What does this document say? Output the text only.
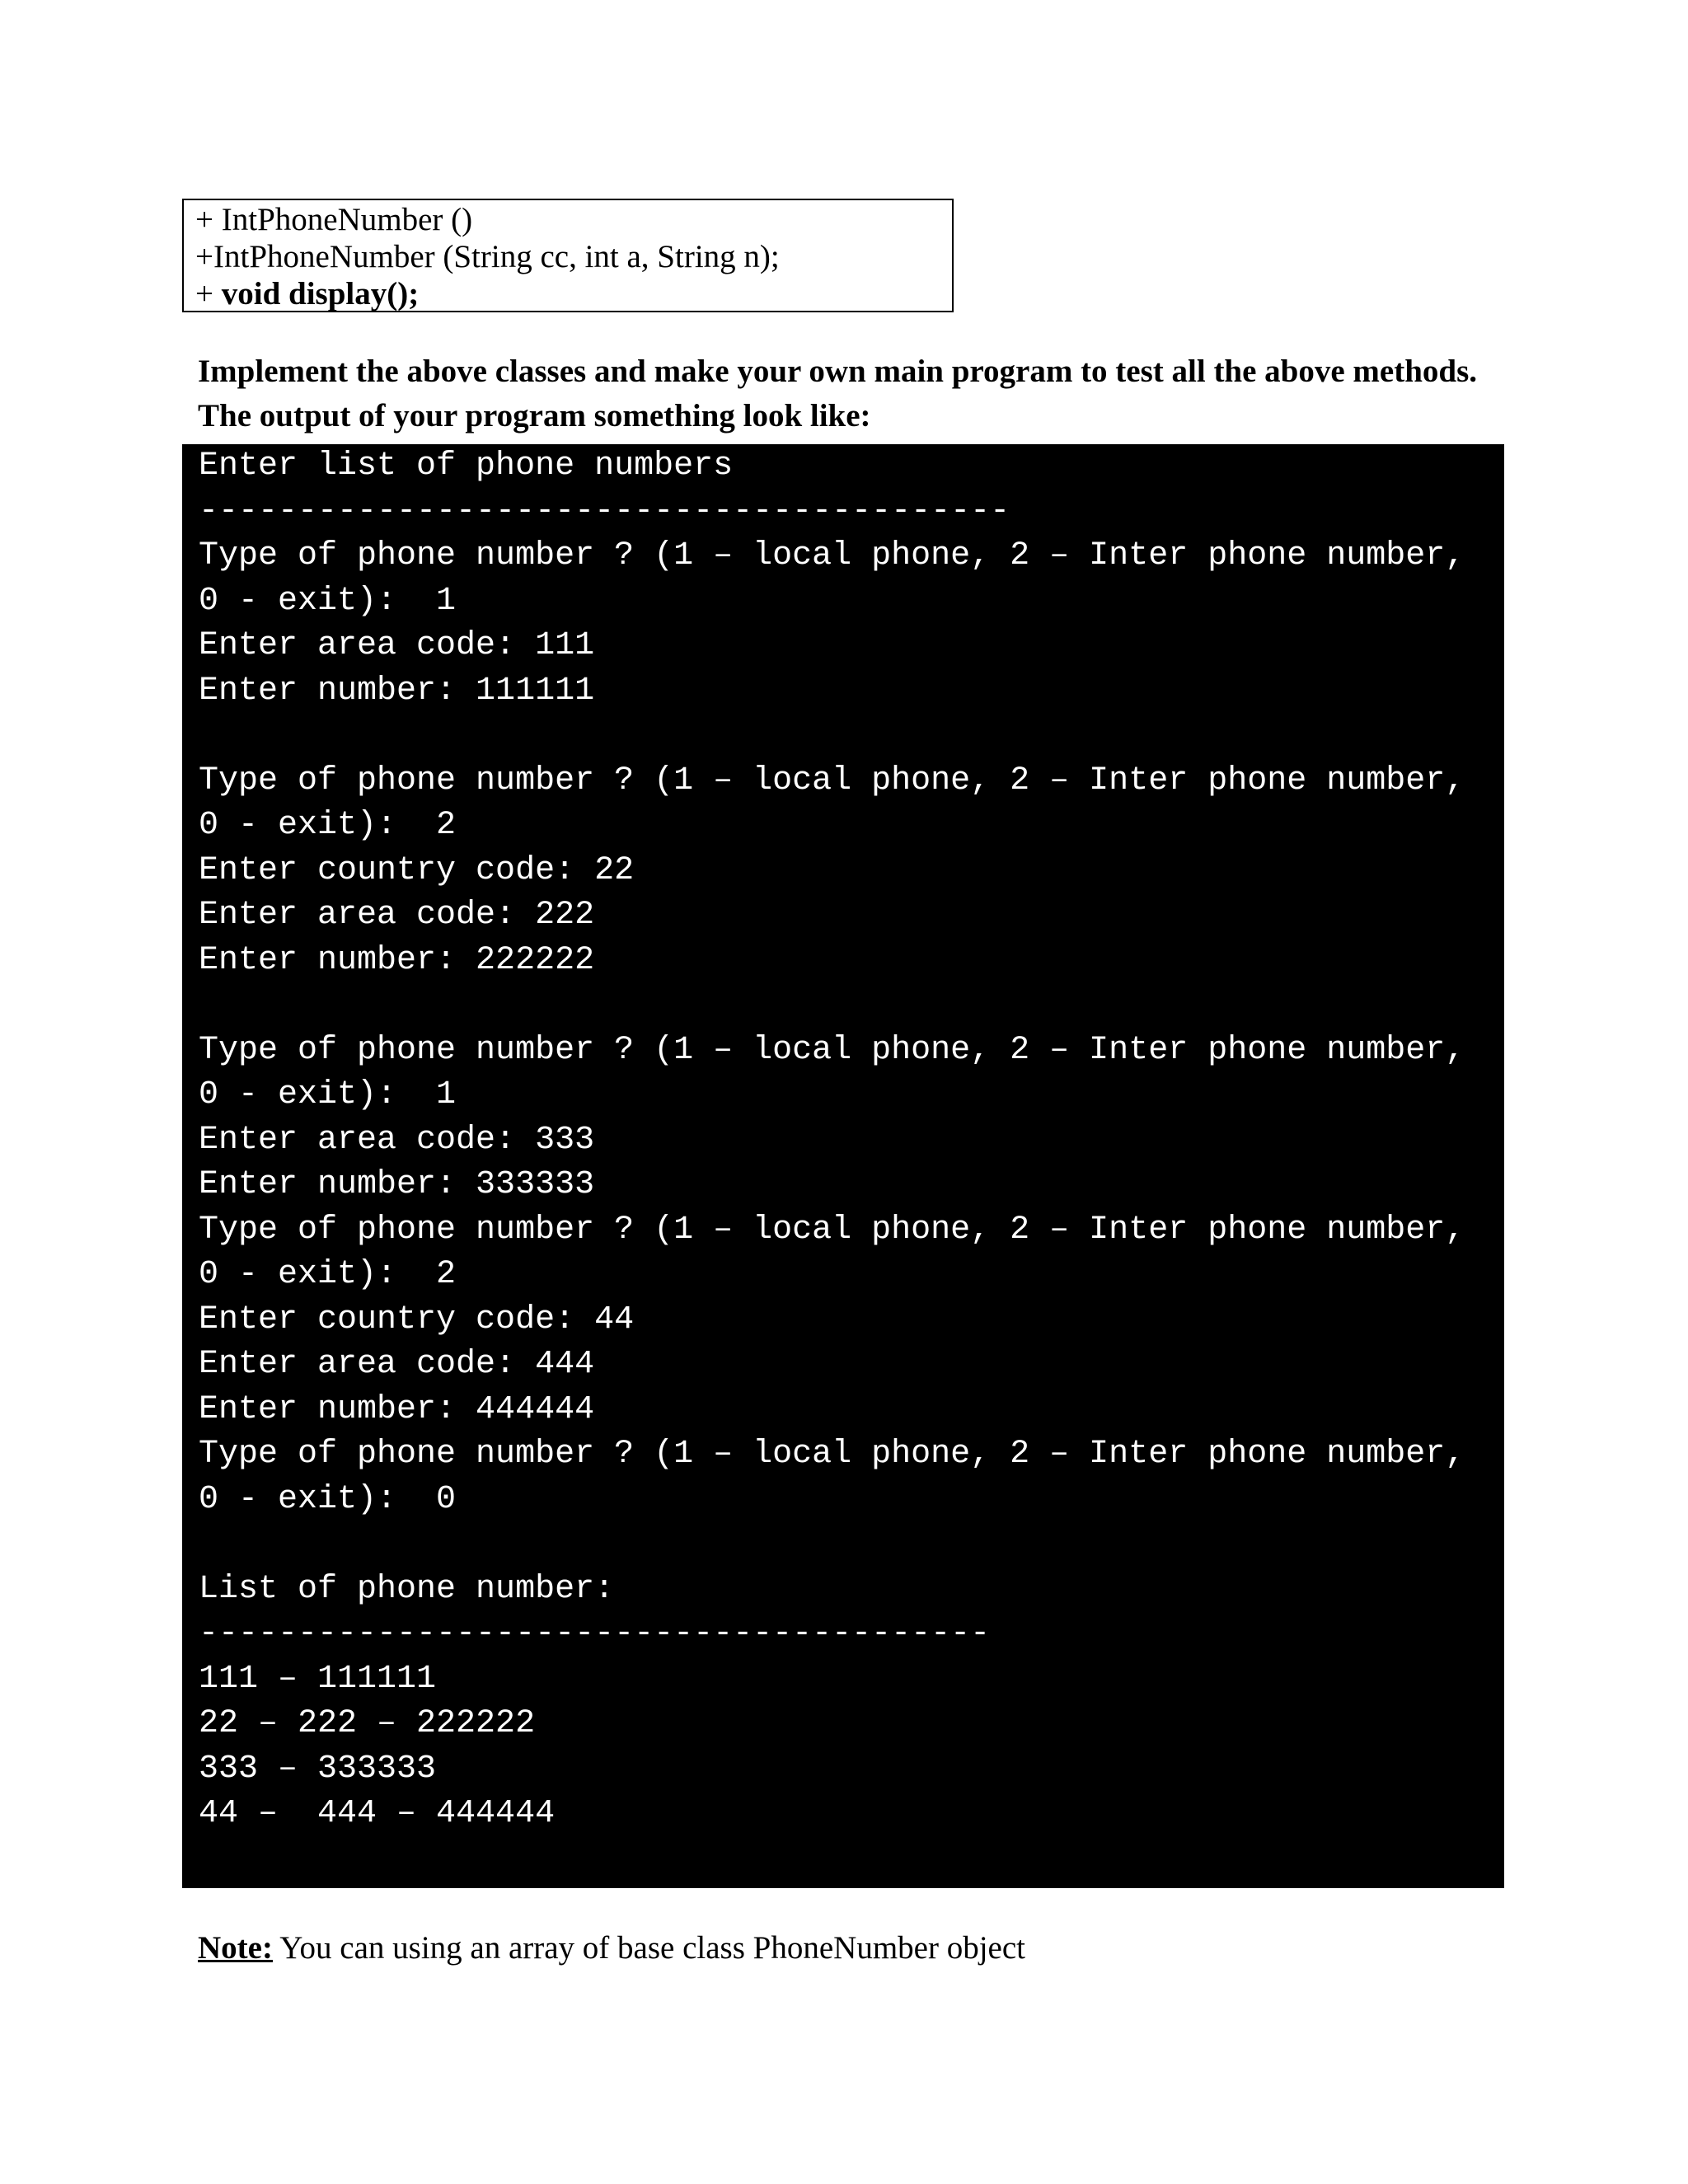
+ IntPhoneNumber ()
+IntPhoneNumber (String cc, int a, String n);
+ void display();
Implement the above classes and make your own main program to test all the above methods. The output of your program something look like:
Enter list of phone numbers
-----------------------------------------
Type of phone number ? (1 – local phone, 2 – Inter phone number,
0 - exit):  1
Enter area code: 111
Enter number: 111111
Type of phone number ? (1 – local phone, 2 – Inter phone number,
0 - exit):  2
Enter country code: 22
Enter area code: 222
Enter number: 222222
Type of phone number ? (1 – local phone, 2 – Inter phone number,
0 - exit):  1
Enter area code: 333
Enter number: 333333
Type of phone number ? (1 – local phone, 2 – Inter phone number,
0 - exit):  2
Enter country code: 44
Enter area code: 444
Enter number: 444444
Type of phone number ? (1 – local phone, 2 – Inter phone number,
0 - exit):  0
List of phone number:
----------------------------------------
111 – 111111
22 – 222 – 222222
333 – 333333
44 –  444 – 444444
Note: You can using an array of base class PhoneNumber object
